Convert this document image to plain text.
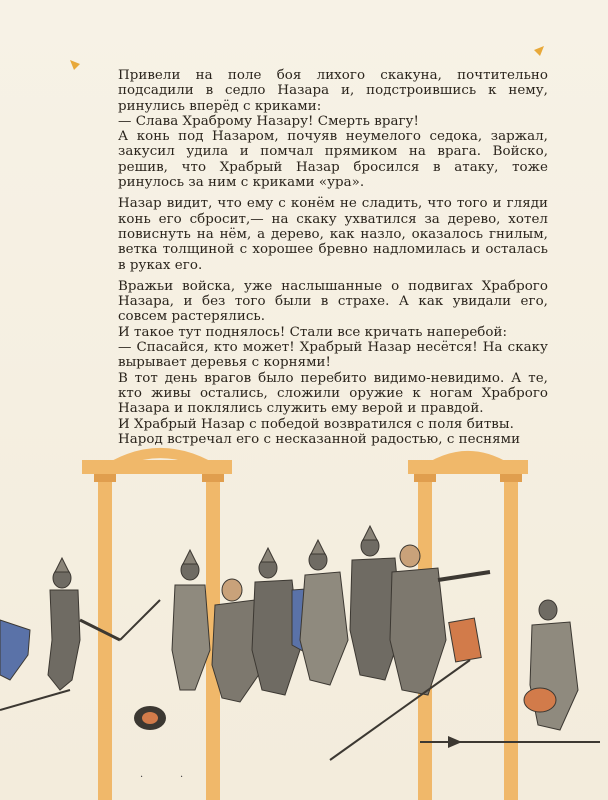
Привели на поле боя лихого скакуна, почтительно подсадили в седло Назара и, подстроившись к нему, ринулись вперёд с криками:

— Слава Храброму Назару! Смерть врагу!

А конь под Назаром, почуяв неумелого седока, заржал, закусил удила и помчал прямиком на врага. Войско, решив, что Храбрый Назар бросился в атаку, тоже ринулось за ним с криками «ура».

Назар видит, что ему с конём не сладить, что того и гляди конь его сбросит,— на скаку ухватился за дерево, хотел повиснуть на нём, а дерево, как назло, оказалось гнилым, ветка толщиной с хорошее бревно надломилась и осталась в руках его.

Вражьи войска, уже наслышанные о подвигах Храброго Назара, и без того были в страхе. А как увидали его, совсем растерялись.

И такое тут поднялось! Стали все кричать наперебой:

— Спасайся, кто может! Храбрый Назар несётся! На скаку вырывает деревья с корнями!

В тот день врагов было перебито видимо-невидимо. А те, кто живы остались, сложили оружие к ногам Храброго Назара и поклялись служить ему верой и правдой.

И Храбрый Назар с победой возвратился с поля битвы.

Народ встречал его с несказанной радостью, с песнями

·	·
